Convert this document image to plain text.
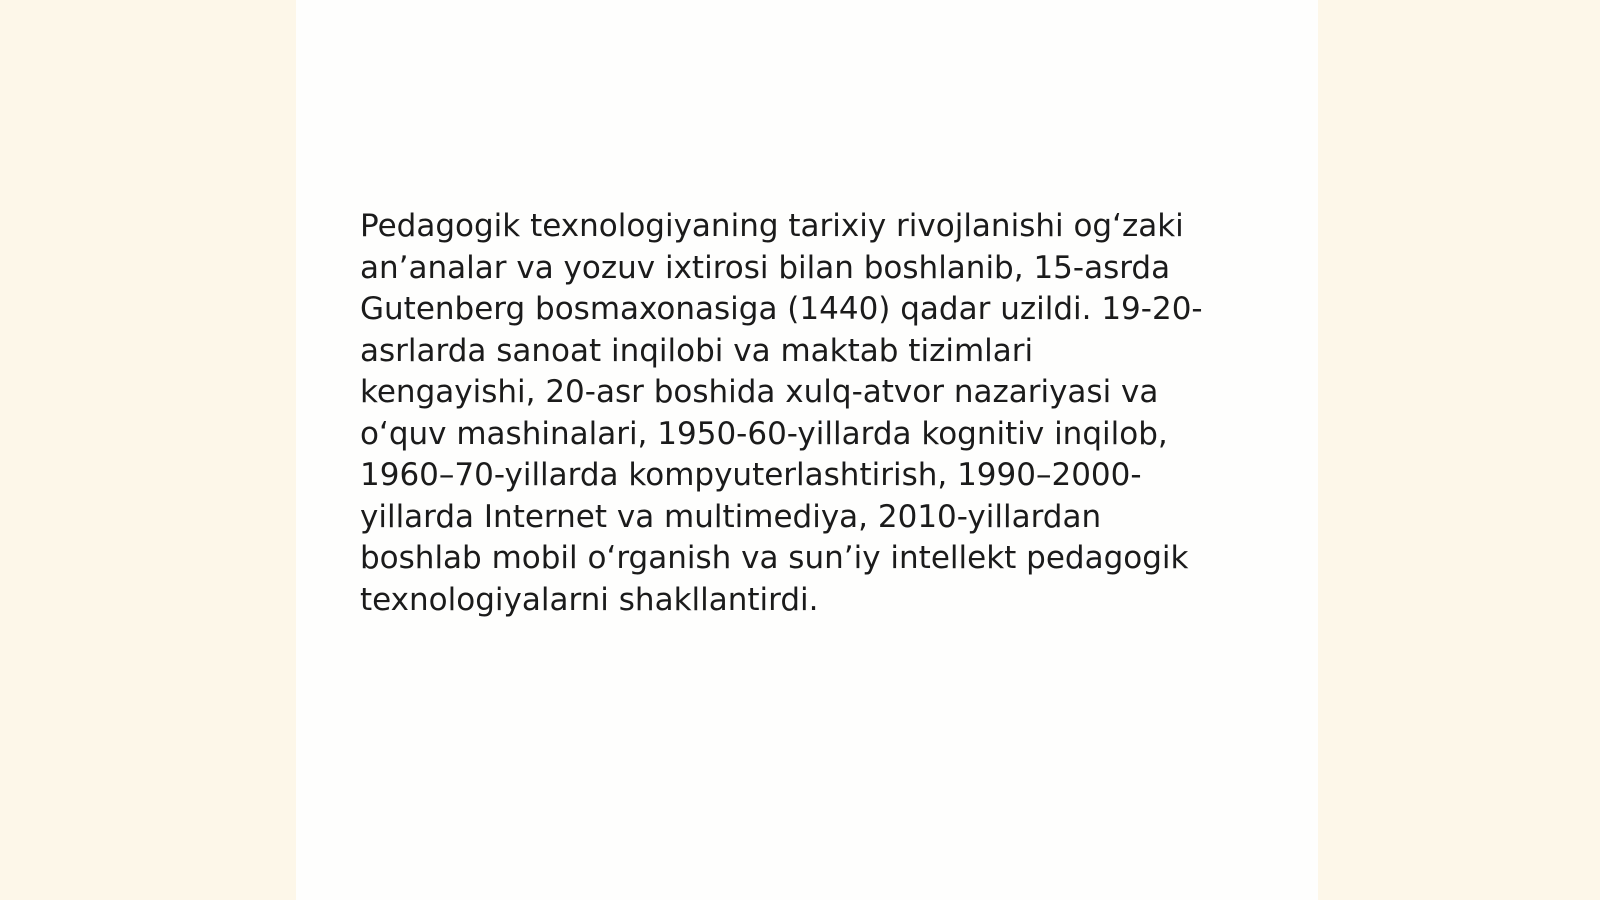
Pedagogik texnologiyaning tarixiy rivojlanishi og‘zaki
an’analar va yozuv ixtirosi bilan boshlanib, 15-asrda
Gutenberg bosmaxonasiga (1440) qadar uzildi. 19-20-
asrlarda sanoat inqilobi va maktab tizimlari
kengayishi, 20-asr boshida xulq-atvor nazariyasi va
o‘quv mashinalari, 1950-60-yillarda kognitiv inqilob,
1960–70-yillarda kompyuterlashtirish, 1990–2000-
yillarda Internet va multimediya, 2010-yillardan
boshlab mobil o‘rganish va sun’iy intellekt pedagogik
texnologiyalarni shakllantirdi.
